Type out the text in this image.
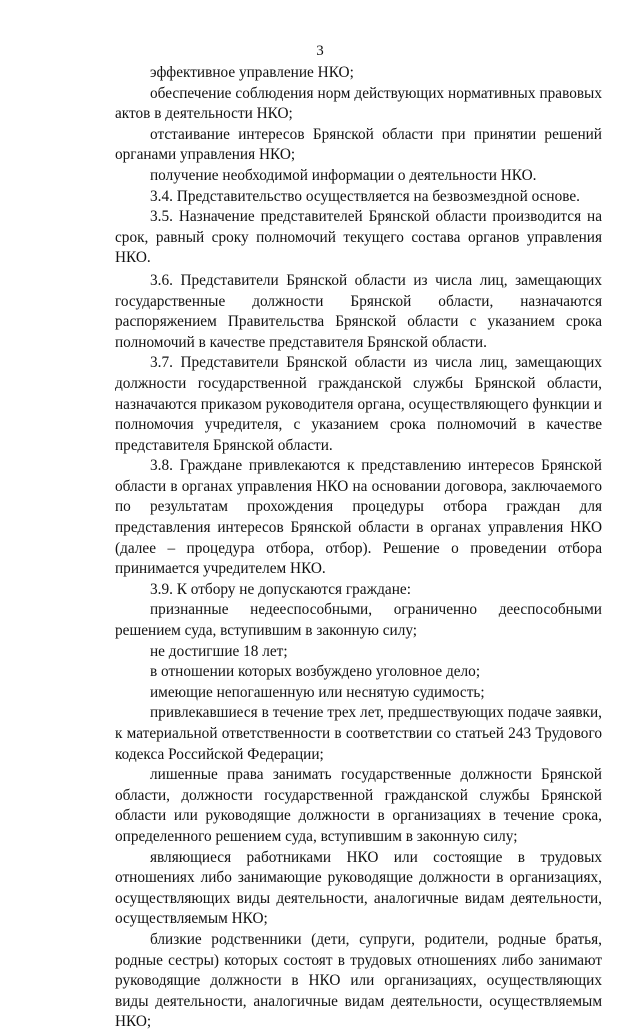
3

эффективное управление НКО;

обеспечение соблюдения норм действующих нормативных правовых актов в деятельности НКО;

отстаивание интересов Брянской области при принятии решений органами управления НКО;

получение необходимой информации о деятельности НКО.

3.4. Представительство осуществляется на безвозмездной основе.

3.5. Назначение представителей Брянской области производится на срок, равный сроку полномочий текущего состава органов управления НКО.

3.6. Представители Брянской области из числа лиц, замещающих государственные должности Брянской области, назначаются распоряжением Правительства Брянской области с указанием срока полномочий в качестве представителя Брянской области.

3.7. Представители Брянской области из числа лиц, замещающих должности государственной гражданской службы Брянской области, назначаются приказом руководителя органа, осуществляющего функции и полномочия учредителя, с указанием срока полномочий в качестве представителя Брянской области.

3.8. Граждане привлекаются к представлению интересов Брянской области в органах управления НКО на основании договора, заключаемого по результатам прохождения процедуры отбора граждан для представления интересов Брянской области в органах управления НКО (далее – процедура отбора, отбор). Решение о проведении отбора принимается учредителем НКО.

3.9. К отбору не допускаются граждане:

признанные недееспособными, ограниченно дееспособными решением суда, вступившим в законную силу;

не достигшие 18 лет;

в отношении которых возбуждено уголовное дело;

имеющие непогашенную или неснятую судимость;

привлекавшиеся в течение трех лет, предшествующих подаче заявки, к материальной ответственности в соответствии со статьей 243 Трудового кодекса Российской Федерации;

лишенные права занимать государственные должности Брянской области, должности государственной гражданской службы Брянской области или руководящие должности в организациях в течение срока, определенного решением суда, вступившим в законную силу;

являющиеся работниками НКО или состоящие в трудовых отношениях либо занимающие руководящие должности в организациях, осуществляющих виды деятельности, аналогичные видам деятельности, осуществляемым НКО;

близкие родственники (дети, супруги, родители, родные братья, родные сестры) которых состоят в трудовых отношениях либо занимают руководящие должности в НКО или организациях, осуществляющих виды деятельности, аналогичные видам деятельности, осуществляемым НКО;
